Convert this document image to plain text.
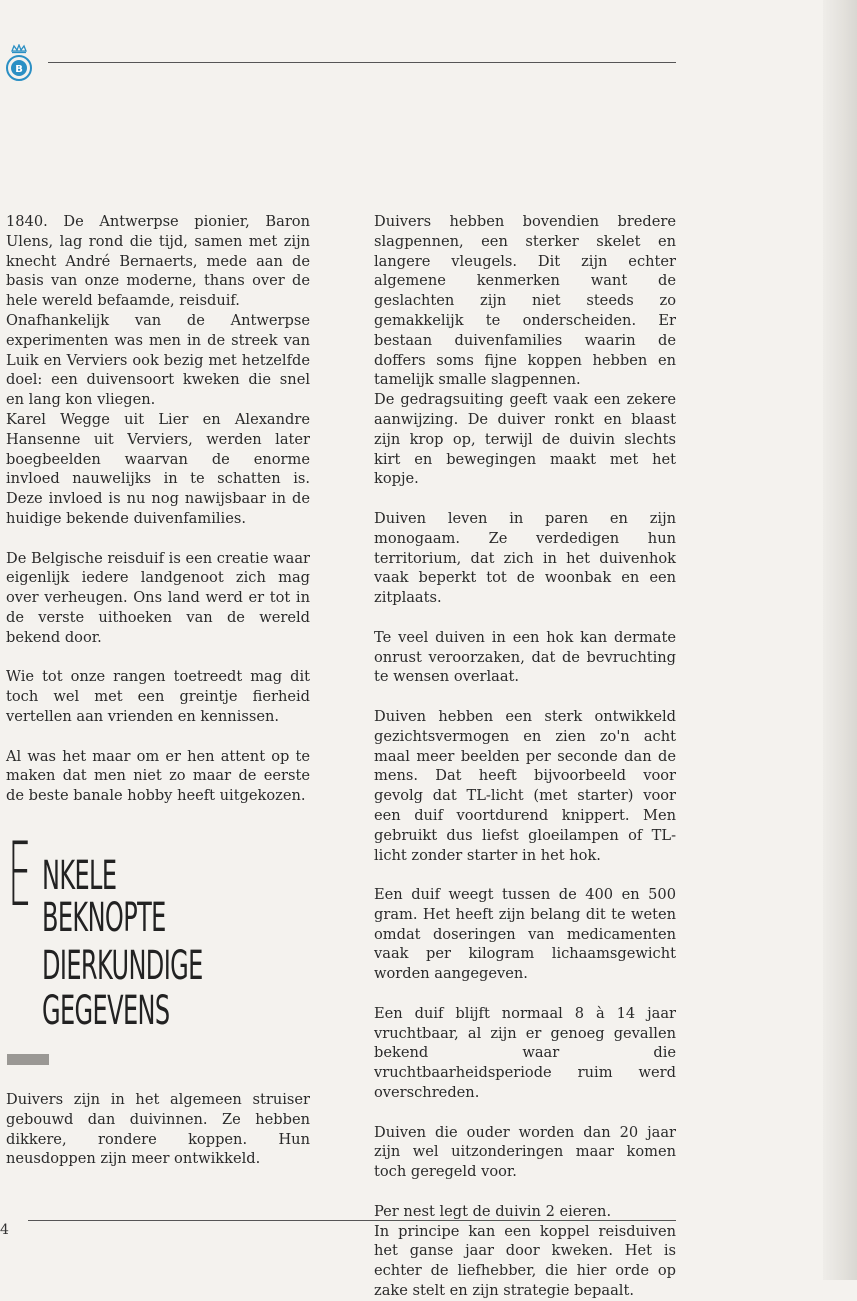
B

1840. De Antwerpse pionier, Baron Ulens, lag rond die tijd, samen met zijn knecht André Bernaerts, mede aan de basis van onze moderne, thans over de hele wereld befaamde, reisduif.

Onafhankelijk van de Antwerpse experimenten was men in de streek van Luik en Verviers ook bezig met hetzelfde doel: een duivensoort kweken die snel en lang kon vliegen.

Karel Wegge uit Lier en Alexandre Hansenne uit Verviers, werden later boegbeelden waarvan de enorme invloed nauwelijks in te schatten is. Deze invloed is nu nog nawijsbaar in de huidige bekende duivenfamilies.

De Belgische reisduif is een creatie waar eigenlijk iedere landgenoot zich mag over verheugen. Ons land werd er tot in de verste uithoeken van de wereld bekend door.

Wie tot onze rangen toetreedt mag dit toch wel met een greintje fierheid vertellen aan vrienden en kennissen.

Al was het maar om er hen attent op te maken dat men niet zo maar de eerste de beste banale hobby heeft uitgekozen.

E NKELE
BEKNOPTE
DIERKUNDIGE
GEGEVENS

Duivers zijn in het algemeen struiser gebouwd dan duivinnen. Ze hebben dikkere, rondere koppen. Hun neusdoppen zijn meer ontwikkeld.

Duivers hebben bovendien bredere slagpennen, een sterker skelet en langere vleugels. Dit zijn echter algemene kenmerken want de geslachten zijn niet steeds zo gemakkelijk te onderscheiden. Er bestaan duivenfamilies waarin de doffers soms fijne koppen hebben en tamelijk smalle slagpennen.

De gedragsuiting geeft vaak een zekere aanwijzing. De duiver ronkt en blaast zijn krop op, terwijl de duivin slechts kirt en bewegingen maakt met het kopje.

Duiven leven in paren en zijn monogaam. Ze verdedigen hun territorium, dat zich in het duivenhok vaak beperkt tot de woonbak en een zitplaats.

Te veel duiven in een hok kan dermate onrust veroorzaken, dat de bevruchting te wensen overlaat.

Duiven hebben een sterk ontwikkeld gezichtsvermogen en zien zo'n acht maal meer beelden per seconde dan de mens. Dat heeft bijvoorbeeld voor gevolg dat TL-licht (met starter) voor een duif voortdurend knippert. Men gebruikt dus liefst gloeilampen of TL-licht zonder starter in het hok.

Een duif weegt tussen de 400 en 500 gram. Het heeft zijn belang dit te weten omdat doseringen van medicamenten vaak per kilogram lichaamsgewicht worden aangegeven.

Een duif blijft normaal 8 à 14 jaar vruchtbaar, al zijn er genoeg gevallen bekend waar die vruchtbaarheidsperiode ruim werd overschreden.

Duiven die ouder worden dan 20 jaar zijn wel uitzonderingen maar komen toch geregeld voor.

Per nest legt de duivin 2 eieren.

In principe kan een koppel reisduiven het ganse jaar door kweken. Het is echter de liefhebber, die hier orde op zake stelt en zijn strategie bepaalt.

4
